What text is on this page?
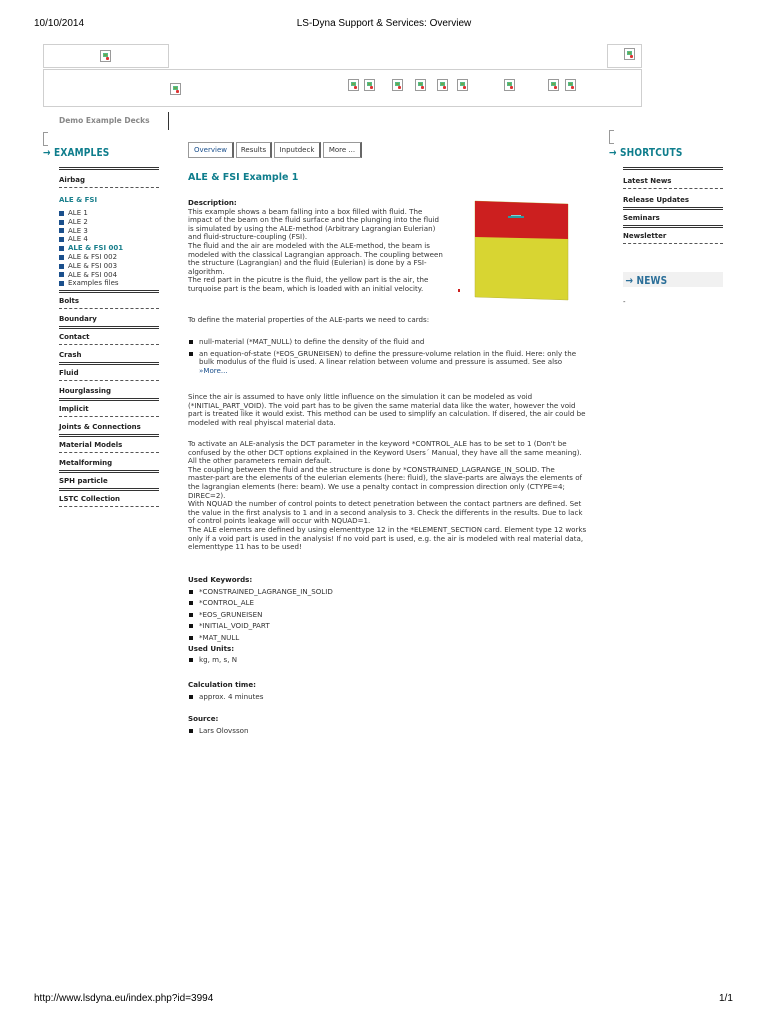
10/10/2014	LS-Dyna Support & Services: Overview
Demo Example Decks
→ EXAMPLES
Airbag
ALE & FSI
ALE 1
ALE 2
ALE 3
ALE 4
ALE & FSI 001
ALE & FSI 002
ALE & FSI 003
ALE & FSI 004
Examples files
Bolts
Boundary
Contact
Crash
Fluid
Hourglassing
Implicit
Joints & Connections
Material Models
Metalforming
SPH particle
LSTC Collection
→ SHORTCUTS
Latest News
Release Updates
Seminars
Newsletter
→ NEWS
-
Overview	Results	Inputdeck	More ...
ALE & FSI Example 1
Description:
This example shows a beam falling into a box filled with fluid. The
impact of the beam on the fluid surface and the plunging into the fluid
is simulated by using the ALE-method (Arbitrary Lagrangian Eulerian)
and fluid-structure-coupling (FSI).
The fluid and the air are modeled with the ALE-method, the beam is
modeled with the classical Lagrangian approach. The coupling between
the structure (Lagrangian) and the fluid (Eulerian) is done by a FSI-
algorithm.
The red part in the picutre is the fluid, the yellow part is the air, the
turquoise part is the beam, which is loaded with an initial velocity.
To define the material properties of the ALE-parts we need to cards:
null-material (*MAT_NULL) to define the density of the fluid and
an equation-of-state (*EOS_GRUNEISEN) to define the pressure-volume relation in the fluid. Here: only the
bulk modulus of the fluid is used. A linear relation between volume and pressure is assumed. See also
»More...
Since the air is assumed to have only little influence on the simulation it can be modeled as void
(*INITIAL_PART_VOID). The void part has to be given the same material data like the water, however the void
part is treated like it would exist. This method can be used to simplify an calculation. If disered, the air could be
modeled with real phyiscal material data.
To activate an ALE-analysis the DCT parameter in the keyword *CONTROL_ALE has to be set to 1 (Don't be
confused by the other DCT options explained in the Keyword Users´ Manual, they have all the same meaning).
All the other parameters remain default.
The coupling between the fluid and the structure is done by *CONSTRAINED_LAGRANGE_IN_SOLID. The
master-part are the elements of the eulerian elements (here: fluid), the slave-parts are always the elements of
the lagrangian elements (here: beam). We use a penalty contact in compression direction only (CTYPE=4;
DIREC=2).
With NQUAD the number of control points to detect penetration between the contact partners are defined. Set
the value in the first analysis to 1 and in a second analysis to 3. Check the differents in the results. Due to lack
of control points leakage will occur with NQUAD=1.
The ALE elements are defined by using elementtype 12 in the *ELEMENT_SECTION card. Element type 12 works
only if a void part is used in the analysis! If no void part is used, e.g. the air is modeled with real material data,
elementtype 11 has to be used!
Used Keywords:
*CONSTRAINED_LAGRANGE_IN_SOLID
*CONTROL_ALE
*EOS_GRUNEISEN
*INITIAL_VOID_PART
*MAT_NULL
Used Units:
kg, m, s, N
Calculation time:
approx. 4 minutes
Source:
Lars Olovsson
http://www.lsdyna.eu/index.php?id=3994	1/1
